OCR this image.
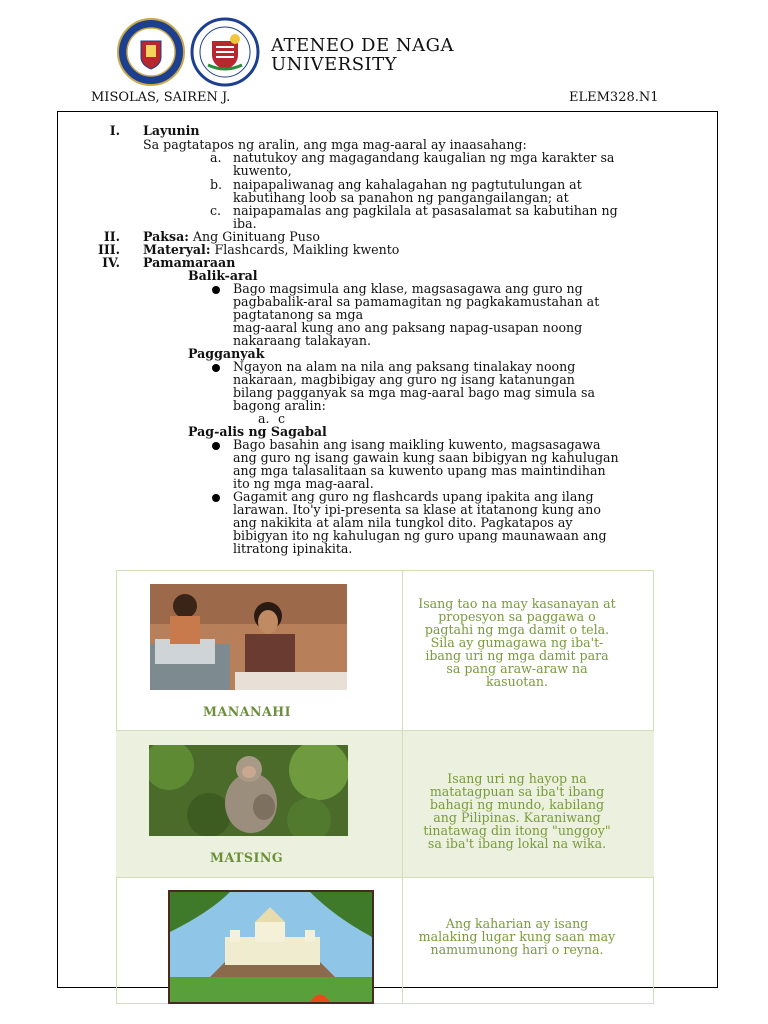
ATENEO DE NAGA
UNIVERSITY
MISOLAS, SAIREN J.	ELEM328.N1
I. Layunin
Sa pagtatapos ng aralin, ang mga mag-aaral ay inaasahang:
a. natutukoy ang magagandang kaugalian ng mga karakter sa
kuwento,
b. naipapaliwanag ang kahalagahan ng pagtutulungan at
kabutihang loob sa panahon ng pangangailangan; at
c. naipapamalas ang pagkilala at pasasalamat sa kabutihan ng
iba.
II. Paksa: Ang Ginituang Puso
III. Materyal: Flashcards, Maikling kwento
IV. Pamamaraan
Balik-aral
Bago magsimula ang klase, magsasagawa ang guro ng
pagbabalik-aral sa pamamagitan ng pagkakamustahan at
pagtatanong sa mga
mag-aaral kung ano ang paksang napag-usapan noong
nakaraang talakayan.
Pagganyak
Ngayon na alam na nila ang paksang tinalakay noong
nakaraan, magbibigay ang guro ng isang katanungan
bilang pagganyak sa mga mag-aaral bago mag simula sa
bagong aralin:
a. c
Pag-alis ng Sagabal
Bago basahin ang isang maikling kuwento, magsasagawa
ang guro ng isang gawain kung saan bibigyan ng kahulugan
ang mga talasalitaan sa kuwento upang mas maintindihan
ito ng mga mag-aaral.
Gagamit ang guro ng flashcards upang ipakita ang ilang
larawan. Ito'y ipi-presenta sa klase at itatanong kung ano
ang nakikita at alam nila tungkol dito. Pagkatapos ay
bibigyan ito ng kahulugan ng guro upang maunawaan ang
litratong ipinakita.
MANANAHI
Isang tao na may kasanayan at
propesyon sa paggawa o
pagtahi ng mga damit o tela.
Sila ay gumagawa ng iba't-
ibang uri ng mga damit para
sa pang araw-araw na
kasuotan.
MATSING
Isang uri ng hayop na
matatagpuan sa iba't ibang
bahagi ng mundo, kabilang
ang Pilipinas. Karaniwang
tinatawag din itong "unggoy"
sa iba't ibang lokal na wika.
Ang kaharian ay isang
malaking lugar kung saan may
namumunong hari o reyna.
